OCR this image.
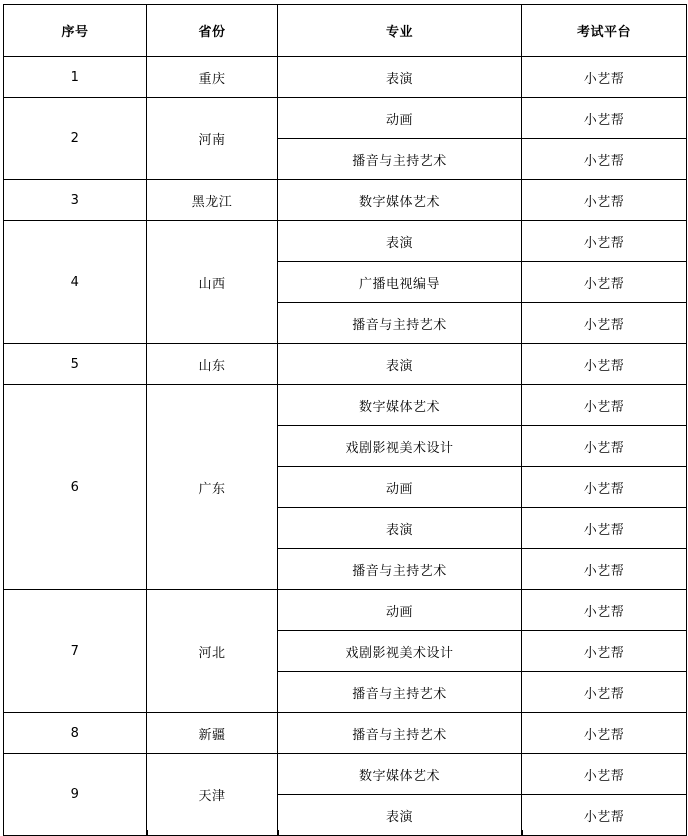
序号	省份	专业	考试平台
1	重庆	表演	小艺帮
2	河南	动画	小艺帮
		播音与主持艺术	小艺帮
3	黑龙江	数字媒体艺术	小艺帮
4	山西	表演	小艺帮
		广播电视编导	小艺帮
		播音与主持艺术	小艺帮
5	山东	表演	小艺帮
6	广东	数字媒体艺术	小艺帮
		戏剧影视美术设计	小艺帮
		动画	小艺帮
		表演	小艺帮
		播音与主持艺术	小艺帮
7	河北	动画	小艺帮
		戏剧影视美术设计	小艺帮
		播音与主持艺术	小艺帮
8	新疆	播音与主持艺术	小艺帮
9	天津	数字媒体艺术	小艺帮
		表演	小艺帮
